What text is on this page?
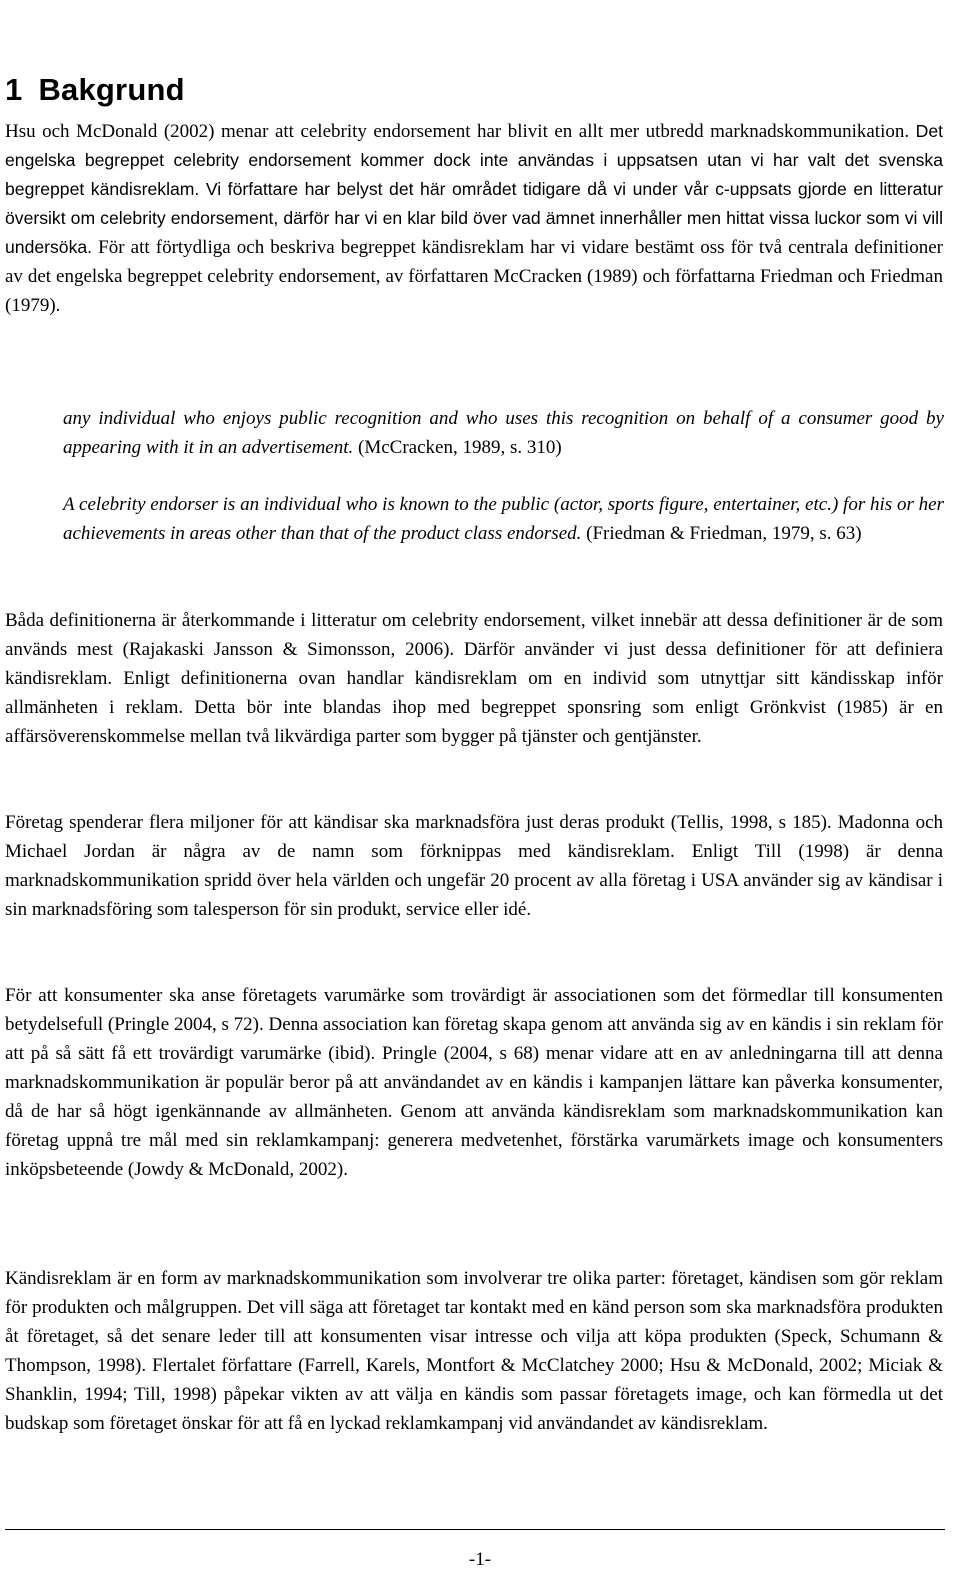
1 Bakgrund

Hsu och McDonald (2002) menar att celebrity endorsement har blivit en allt mer utbredd marknadskommunikation. Det engelska begreppet celebrity endorsement kommer dock inte användas i uppsatsen utan vi har valt det svenska begreppet kändisreklam. Vi författare har belyst det här området tidigare då vi under vår c-uppsats gjorde en litteratur översikt om celebrity endorsement, därför har vi en klar bild över vad ämnet innerhåller men hittat vissa luckor som vi vill undersöka. För att förtydliga och beskriva begreppet kändisreklam har vi vidare bestämt oss för två centrala definitioner av det engelska begreppet celebrity endorsement, av författaren McCracken (1989) och författarna Friedman och Friedman (1979).

any individual who enjoys public recognition and who uses this recognition on behalf of a consumer good by appearing with it in an advertisement. (McCracken, 1989, s. 310)

A celebrity endorser is an individual who is known to the public (actor, sports figure, entertainer, etc.) for his or her achievements in areas other than that of the product class endorsed. (Friedman & Friedman, 1979, s. 63)

Båda definitionerna är återkommande i litteratur om celebrity endorsement, vilket innebär att dessa definitioner är de som används mest (Rajakaski Jansson & Simonsson, 2006). Därför använder vi just dessa definitioner för att definiera kändisreklam. Enligt definitionerna ovan handlar kändisreklam om en individ som utnyttjar sitt kändisskap inför allmänheten i reklam. Detta bör inte blandas ihop med begreppet sponsring som enligt Grönkvist (1985) är en affärsöverenskommelse mellan två likvärdiga parter som bygger på tjänster och gentjänster.

Företag spenderar flera miljoner för att kändisar ska marknadsföra just deras produkt (Tellis, 1998, s 185). Madonna och Michael Jordan är några av de namn som förknippas med kändisreklam. Enligt Till (1998) är denna marknadskommunikation spridd över hela världen och ungefär 20 procent av alla företag i USA använder sig av kändisar i sin marknadsföring som talesperson för sin produkt, service eller idé.

För att konsumenter ska anse företagets varumärke som trovärdigt är associationen som det förmedlar till konsumenten betydelsefull (Pringle 2004, s 72). Denna association kan företag skapa genom att använda sig av en kändis i sin reklam för att på så sätt få ett trovärdigt varumärke (ibid). Pringle (2004, s 68) menar vidare att en av anledningarna till att denna marknadskommunikation är populär beror på att användandet av en kändis i kampanjen lättare kan påverka konsumenter, då de har så högt igenkännande av allmänheten. Genom att använda kändisreklam som marknadskommunikation kan företag uppnå tre mål med sin reklamkampanj: generera medvetenhet, förstärka varumärkets image och konsumenters inköpsbeteende (Jowdy & McDonald, 2002).

Kändisreklam är en form av marknadskommunikation som involverar tre olika parter: företaget, kändisen som gör reklam för produkten och målgruppen. Det vill säga att företaget tar kontakt med en känd person som ska marknadsföra produkten åt företaget, så det senare leder till att konsumenten visar intresse och vilja att köpa produkten (Speck, Schumann & Thompson, 1998). Flertalet författare (Farrell, Karels, Montfort & McClatchey 2000; Hsu & McDonald, 2002; Miciak & Shanklin, 1994; Till, 1998) påpekar vikten av att välja en kändis som passar företagets image, och kan förmedla ut det budskap som företaget önskar för att få en lyckad reklamkampanj vid användandet av kändisreklam.

-1-
